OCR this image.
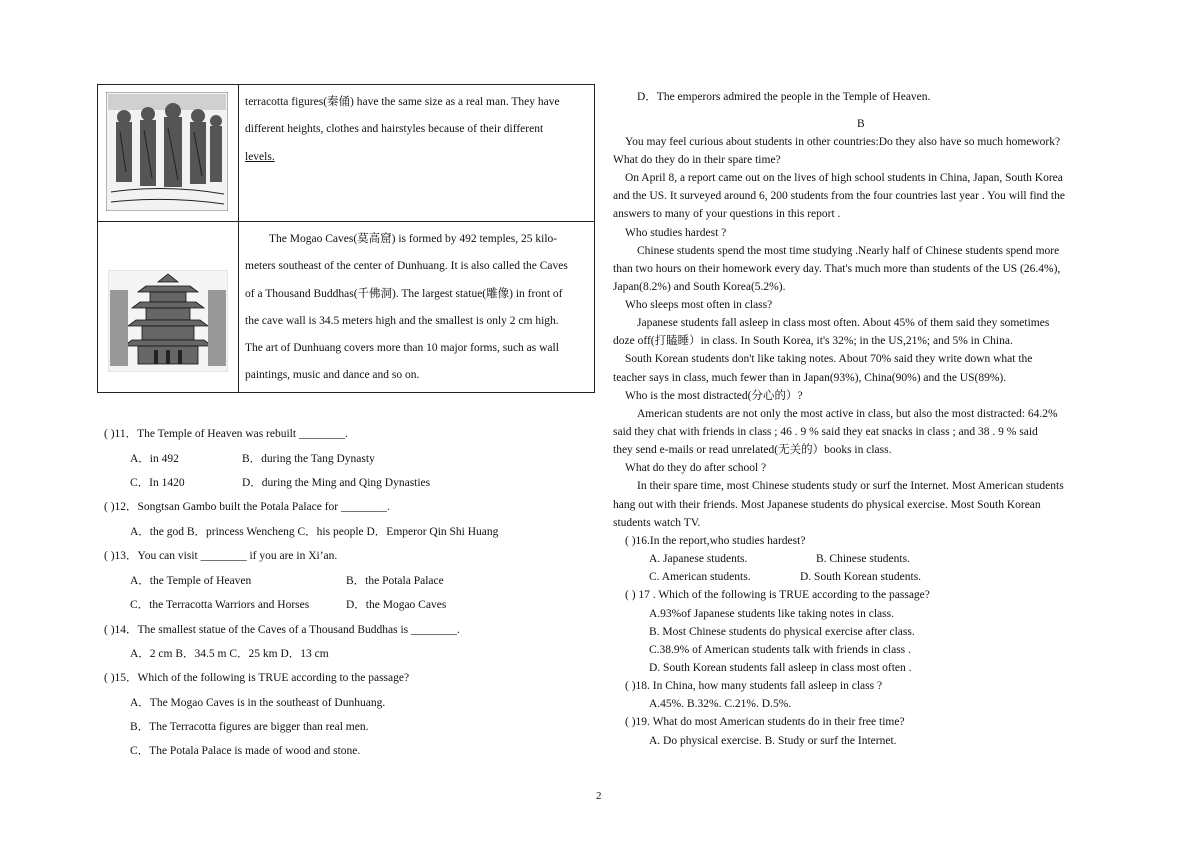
terracotta figures(秦俑) have the same size as a real man. They have
different heights, clothes and hairstyles because of their different
levels.
The Mogao Caves(莫高窟) is formed by 492 temples, 25 kilo-
meters southeast of the center of Dunhuang. It is also called the Caves
of a Thousand Buddhas(千佛洞). The largest statue(雕像) in front of
the cave wall is 34.5 meters high and the smallest is only 2 cm high.
The art of Dunhuang covers more than 10 major forms, such as wall
paintings, music and dance and so on.
( )11．The Temple of Heaven was rebuilt ________.
A．in 492	B．during the Tang Dynasty
C．In 1420	D．during the Ming and Qing Dynasties
( )12．Songtsan Gambo built the Potala Palace for ________.
A．the god B．princess Wencheng C．his people D．Emperor Qin Shi Huang
( )13．You can visit ________ if you are in Xi’an.
A．the Temple of Heaven	B．the Potala Palace
C．the Terracotta Warriors and Horses	D．the Mogao Caves
( )14．The smallest statue of the Caves of a Thousand Buddhas is ________.
A．2 cm B．34.5 m C．25 km D．13 cm
( )15．Which of the following is TRUE according to the passage?
A．The Mogao Caves is in the southeast of Dunhuang.
B．The Terracotta figures are bigger than real men.
C．The Potala Palace is made of wood and stone.
D．The emperors admired the people in the Temple of Heaven.
B
You may feel curious about students in other countries:Do they also have so much homework?
What do they do in their spare time?
On April 8, a report came out on the lives of high school students in China, Japan, South Korea
and the US. It surveyed around 6, 200 students from the four countries last year . You will find the
answers to many of your questions in this report .
Who studies hardest ?
Chinese students spend the most time studying .Nearly half of Chinese students spend more
than two hours on their homework every day. That's much more than students of the US (26.4%),
Japan(8.2%) and South Korea(5.2%).
Who sleeps most often in class?
Japanese students fall asleep in class most often. About 45% of them said they sometimes
doze off(打瞌睡）in class. In South Korea, it's 32%; in the US,21%; and 5% in China.
South Korean students don't like taking notes. About 70% said they write down what the
teacher says in class, much fewer than in Japan(93%), China(90%) and the US(89%).
Who is the most distracted(分心的）?
American students are not only the most active in class, but also the most distracted: 64.2%
said they chat with friends in class ; 46 . 9 % said they eat snacks in class ; and 38 . 9 % said
they send e-mails or read unrelated(无关的）books in class.
What do they do after school ?
In their spare time, most Chinese students study or surf the Internet. Most American students
hang out with their friends. Most Japanese students do physical exercise. Most South Korean
students watch TV.
( )16.In the report,who studies hardest?
A. Japanese students.	B. Chinese students.
C. American students.	D. South Korean students.
( ) 17 . Which of the following is TRUE according to the passage?
A.93%of Japanese students like taking notes in class.
B. Most Chinese students do physical exercise after class.
C.38.9% of American students talk with friends in class .
D. South Korean students fall asleep in class most often .
( )18. In China, how many students fall asleep in class ?
A.45%. B.32%. C.21%. D.5%.
( )19. What do most American students do in their free time?
A. Do physical exercise. B. Study or surf the Internet.
2
